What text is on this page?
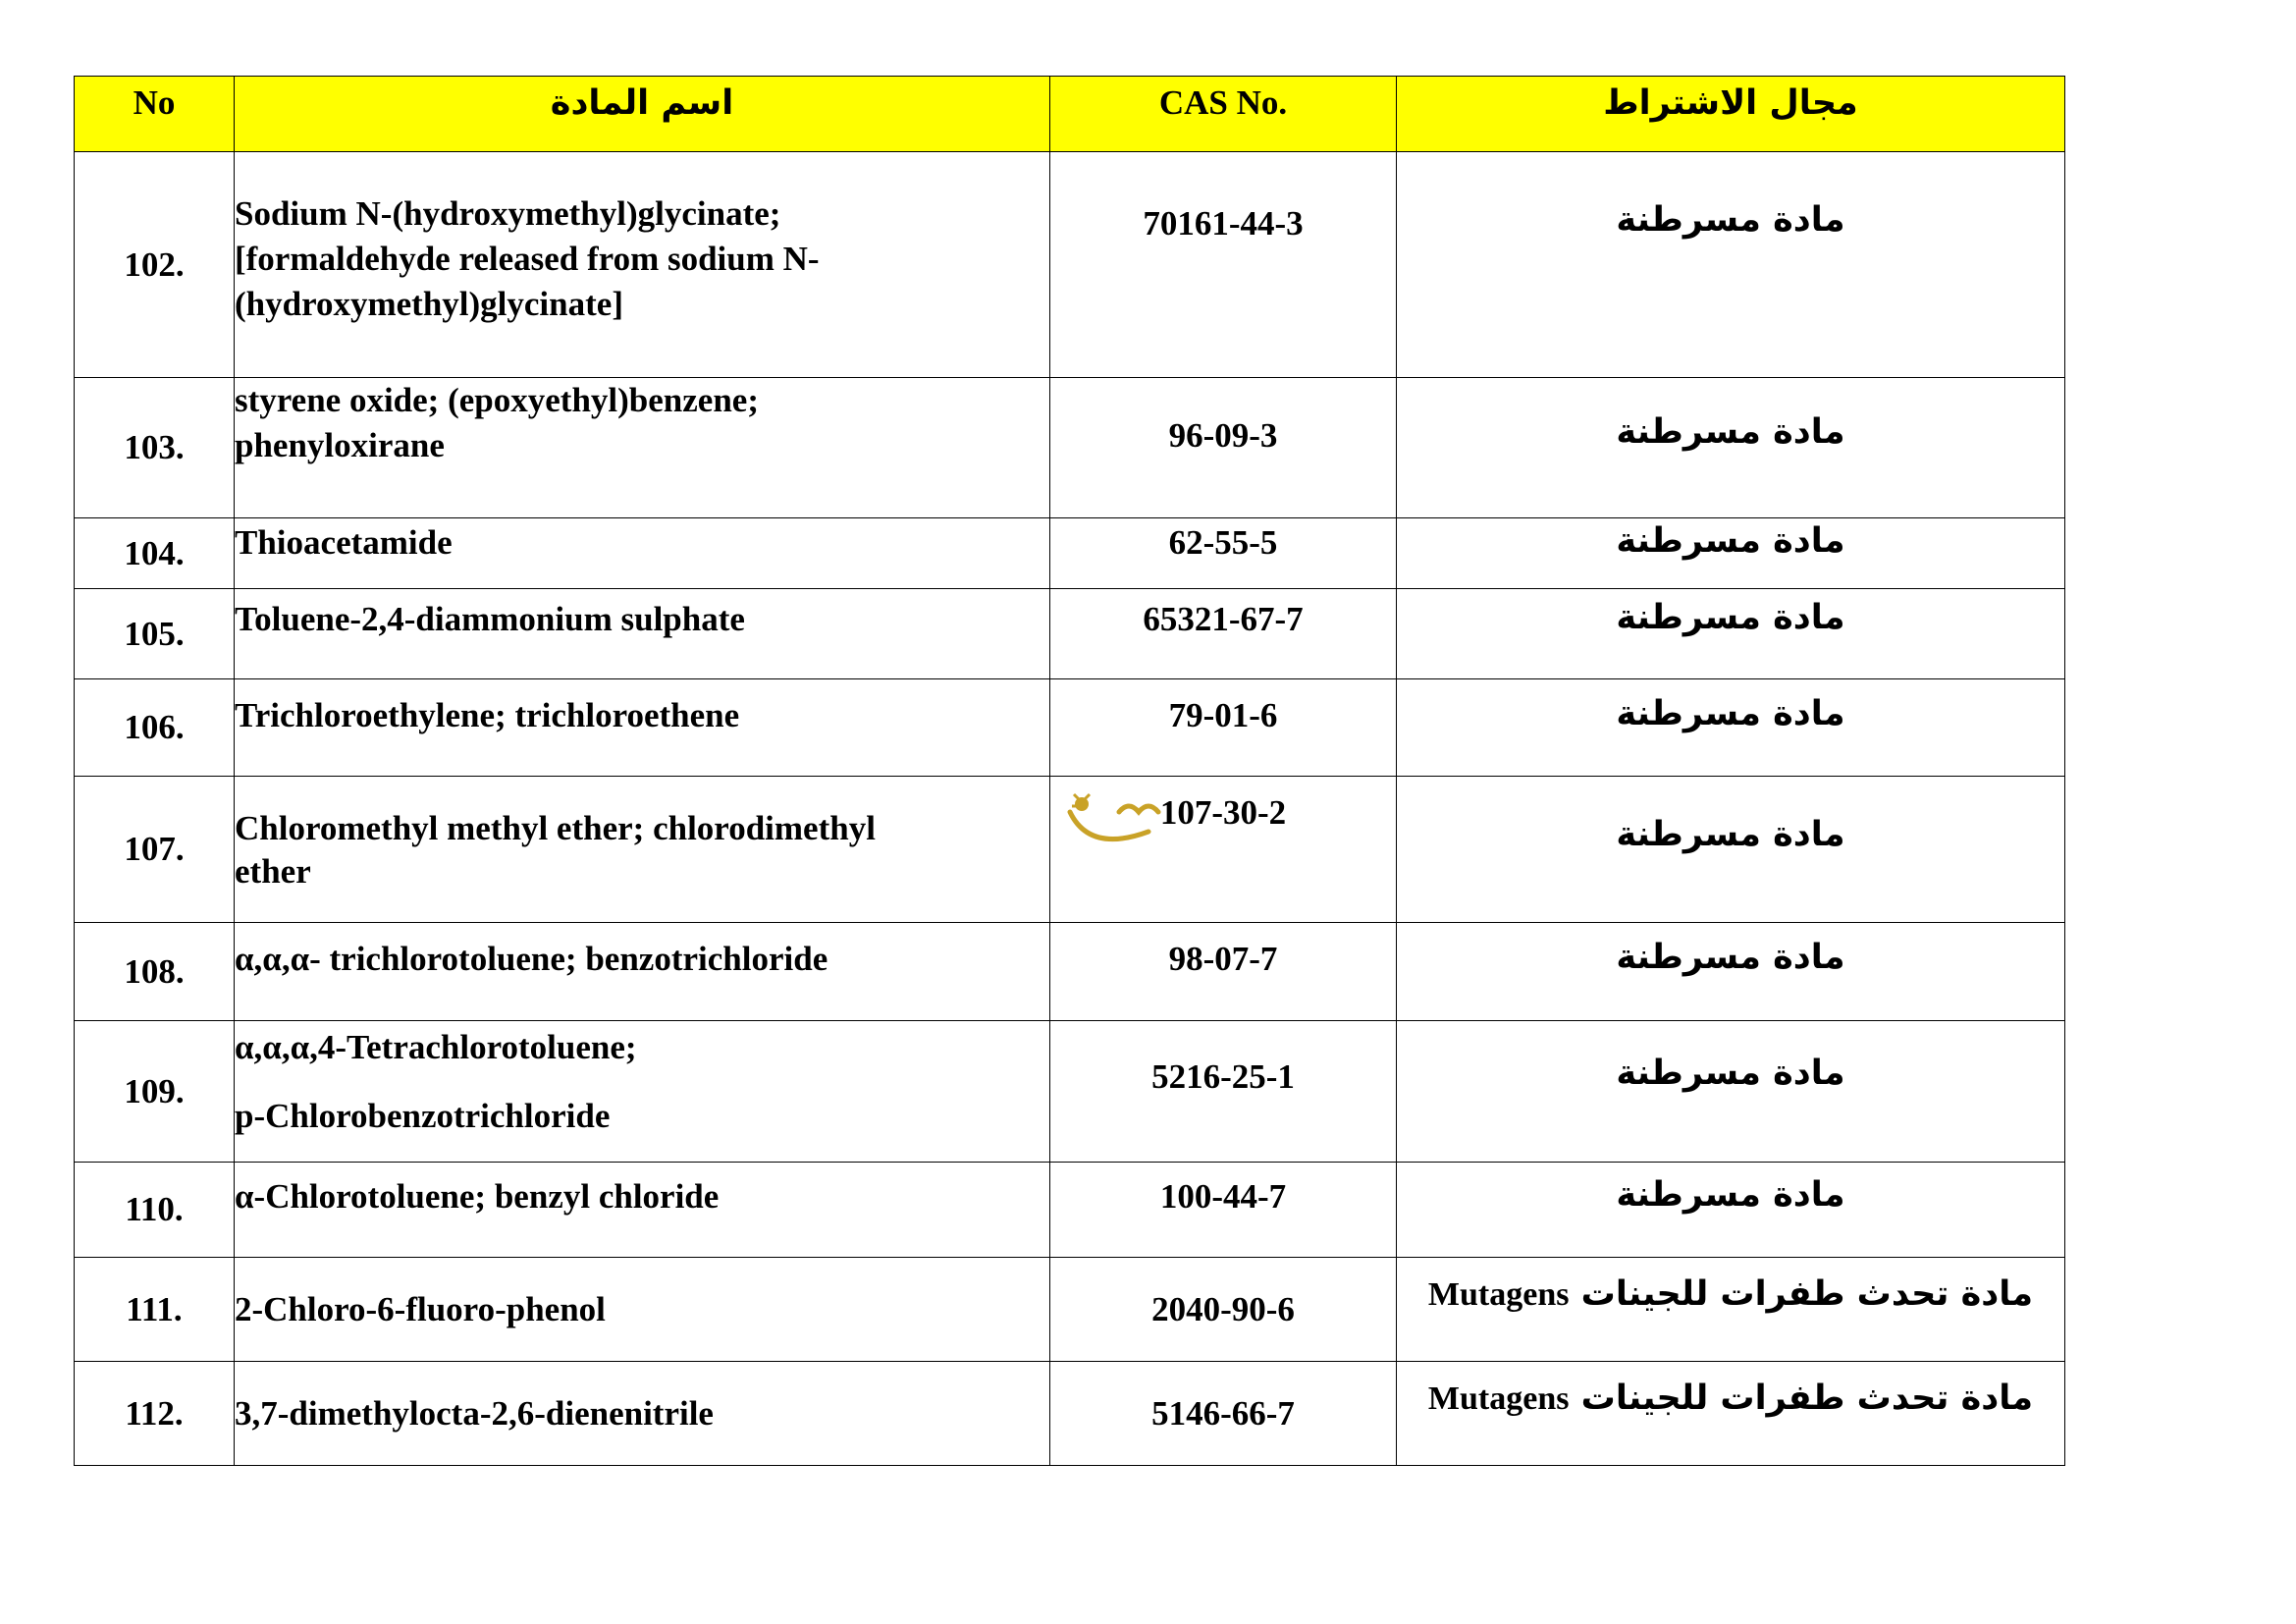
No	اسم المادة	CAS No.	مجال الاشتراط
102.	Sodium N-(hydroxymethyl)glycinate;
[formaldehyde released from sodium N-
(hydroxymethyl)glycinate]	70161-44-3	مادة مسرطنة
103.	styrene oxide; (epoxyethyl)benzene;
phenyloxirane	96-09-3	مادة مسرطنة
104.	Thioacetamide	62-55-5	مادة مسرطنة
105.	Toluene-2,4-diammonium sulphate	65321-67-7	مادة مسرطنة
106.	Trichloroethylene; trichloroethene	79-01-6	مادة مسرطنة
107.	Chloromethyl methyl ether; chlorodimethyl
ether	107-30-2	مادة مسرطنة
108.	α,α,α- trichlorotoluene; benzotrichloride	98-07-7	مادة مسرطنة
109.	α,α,α,4-Tetrachlorotoluene;
p-Chlorobenzotrichloride	5216-25-1	مادة مسرطنة
110.	α-Chlorotoluene; benzyl chloride	100-44-7	مادة مسرطنة
111.	2-Chloro-6-fluoro-phenol	2040-90-6	مادة تحدث طفرات للجينات Mutagens
112.	3,7-dimethylocta-2,6-dienenitrile	5146-66-7	مادة تحدث طفرات للجينات Mutagens
